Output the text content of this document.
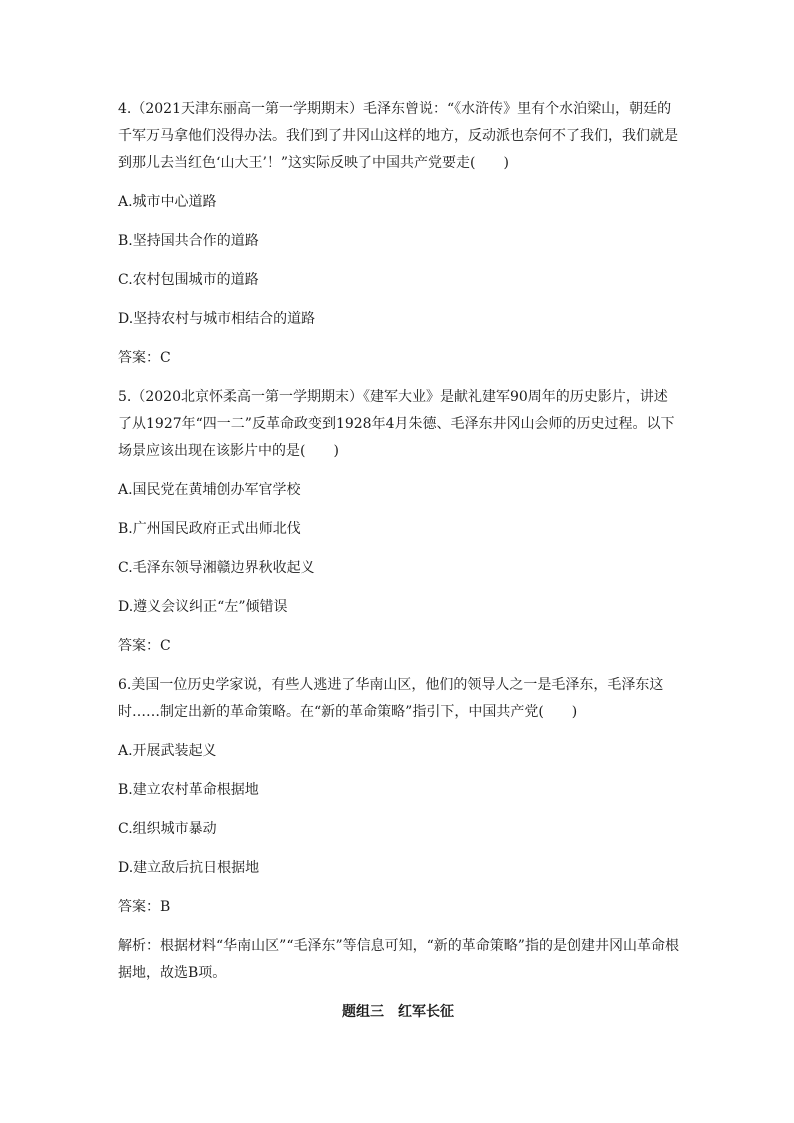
4.（2021天津东丽高一第一学期期末）毛泽东曾说：“《水浒传》里有个水泊梁山，朝廷的

千军万马拿他们没得办法。我们到了井冈山这样的地方，反动派也奈何不了我们，我们就是

到那儿去当红色‘山大王’！”这实际反映了中国共产党要走(　　)

A.城市中心道路

B.坚持国共合作的道路

C.农村包围城市的道路

D.坚持农村与城市相结合的道路

答案：C

5.（2020北京怀柔高一第一学期期末）《建军大业》是献礼建军90周年的历史影片，讲述

了从1927年“四一二”反革命政变到1928年4月朱德、毛泽东井冈山会师的历史过程。以下

场景应该出现在该影片中的是(　　)

A.国民党在黄埔创办军官学校

B.广州国民政府正式出师北伐

C.毛泽东领导湘赣边界秋收起义

D.遵义会议纠正“左”倾错误

答案：C

6.美国一位历史学家说，有些人逃进了华南山区，他们的领导人之一是毛泽东，毛泽东这

时……制定出新的革命策略。在“新的革命策略”指引下，中国共产党(　　)

A.开展武装起义

B.建立农村革命根据地

C.组织城市暴动

D.建立敌后抗日根据地

答案：B

解析：根据材料“华南山区”“毛泽东”等信息可知，“新的革命策略”指的是创建井冈山革命根

据地，故选B项。

题组三　红军长征
